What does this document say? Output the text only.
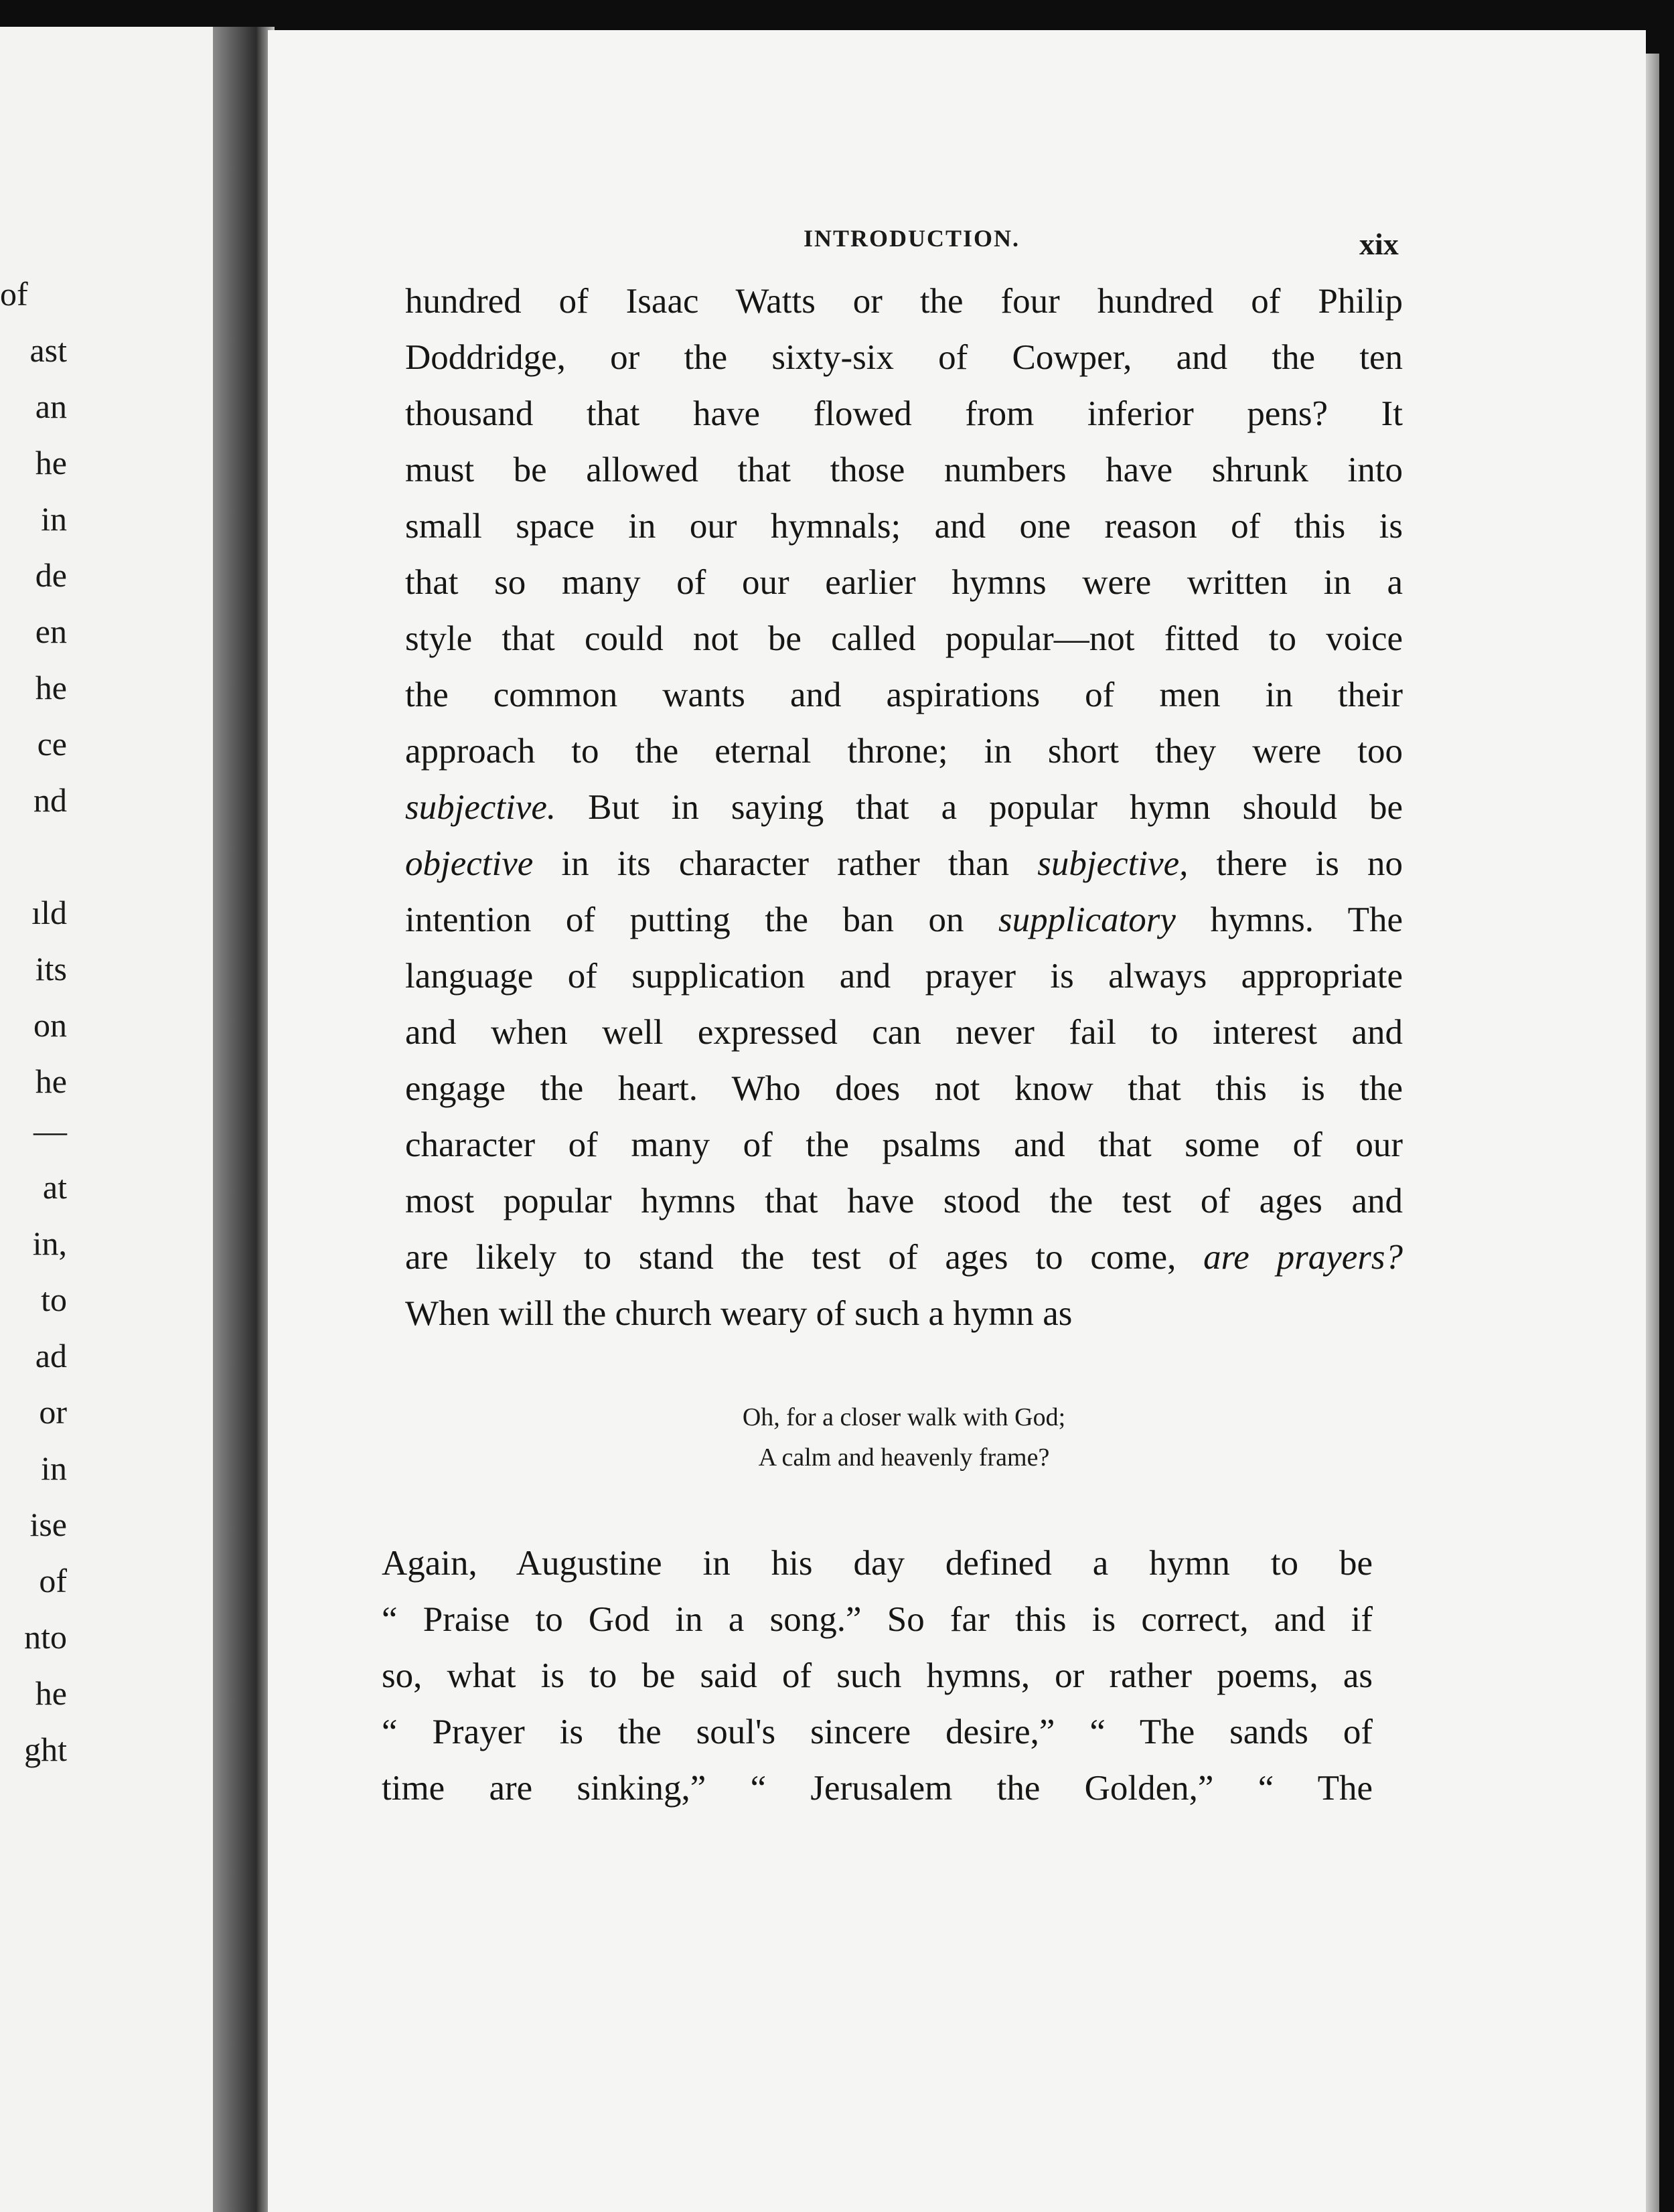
of
ast
an
he
in
de
en
he
ce
nd
ıld
its
on
he
—
at
in,
to
ad
or
in
ise
of
nto
he
ght
INTRODUCTION.	xix
hundred of Isaac Watts or the four hundred of Philip
Doddridge, or the sixty-six of Cowper, and the ten
thousand that have flowed from inferior pens? It
must be allowed that those numbers have shrunk into
small space in our hymnals; and one reason of this is
that so many of our earlier hymns were written in a
style that could not be called popular—not fitted to voice
the common wants and aspirations of men in their
approach to the eternal throne; in short they were too
subjective. But in saying that a popular hymn should be
objective in its character rather than subjective, there is no
intention of putting the ban on supplicatory hymns. The
language of supplication and prayer is always appropriate
and when well expressed can never fail to interest and
engage the heart. Who does not know that this is the
character of many of the psalms and that some of our
most popular hymns that have stood the test of ages and
are likely to stand the test of ages to come, are prayers?
When will the church weary of such a hymn as
Oh, for a closer walk with God;
A calm and heavenly frame?
Again, Augustine in his day defined a hymn to be
“ Praise to God in a song.” So far this is correct, and if
so, what is to be said of such hymns, or rather poems, as
“ Prayer is the soul's sincere desire,” “ The sands of
time are sinking,” “ Jerusalem the Golden,” “ The
